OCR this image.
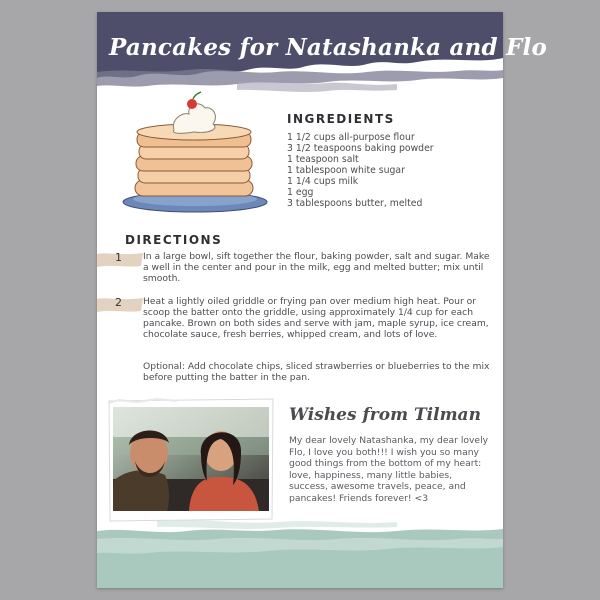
Pancakes for Natashanka and Flo
INGREDIENTS
1 1/2 cups all-purpose flour
3 1/2 teaspoons baking powder
1 teaspoon salt
1 tablespoon white sugar
1 1/4 cups milk
1 egg
3 tablespoons butter, melted
DIRECTIONS
1 In a large bowl, sift together the flour, baking powder, salt and sugar. Make a well in the center and pour in the milk, egg and melted butter; mix until smooth.

2 Heat a lightly oiled griddle or frying pan over medium high heat. Pour or scoop the batter onto the griddle, using approximately 1/4 cup for each pancake. Brown on both sides and serve with jam, maple syrup, ice cream, chocolate sauce, fresh berries, whipped cream, and lots of love.

Optional: Add chocolate chips, sliced strawberries or blueberries to the mix before putting the batter in the pan.

Wishes from Tilman

My dear lovely Natashanka, my dear lovely Flo, I love you both!!! I wish you so many good things from the bottom of my heart: love, happiness, many little babies, success, awesome travels, peace, and pancakes! Friends forever! <3
